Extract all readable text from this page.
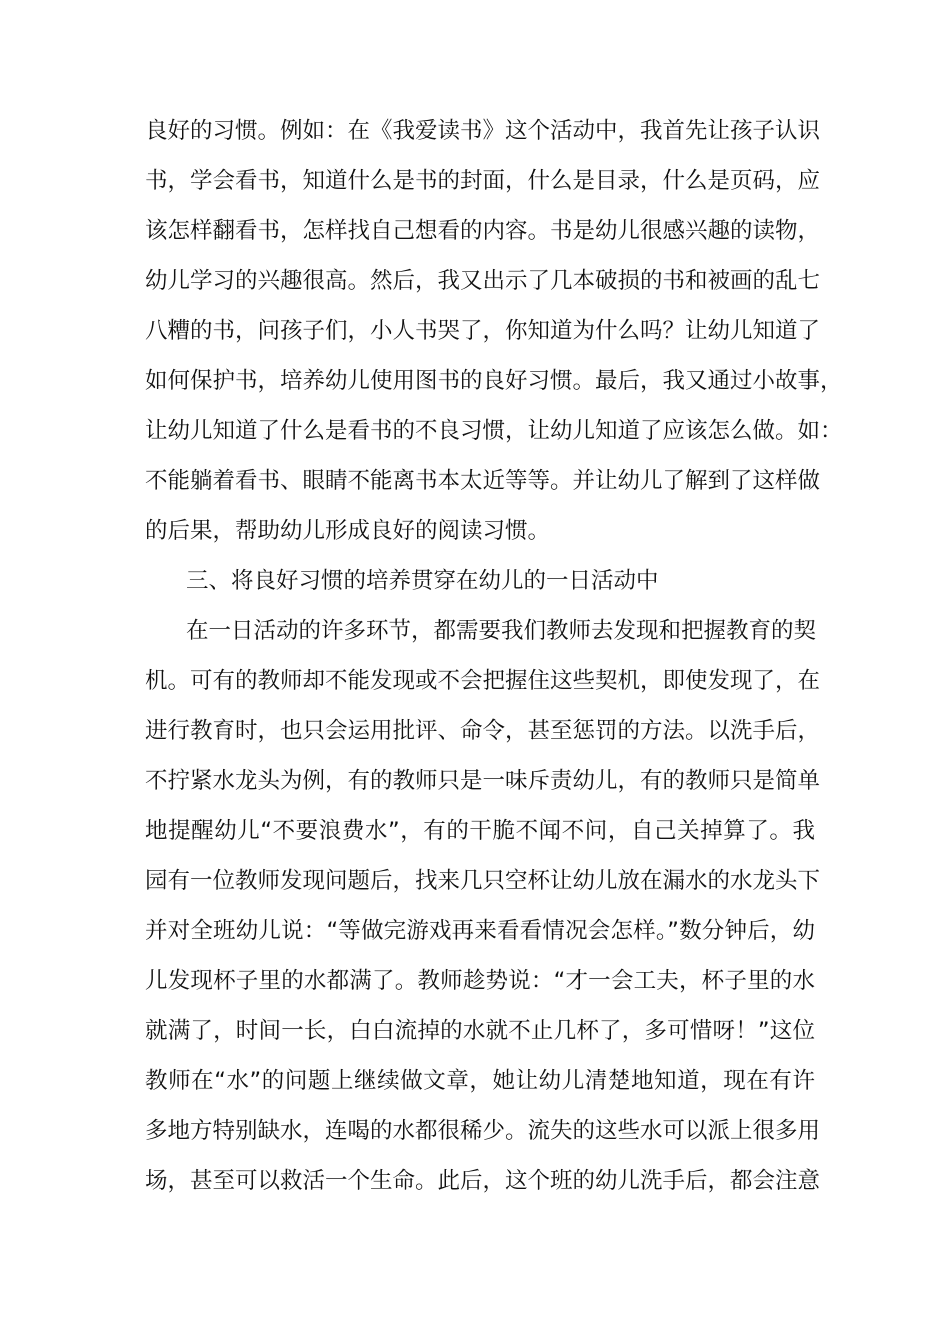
良好的习惯。例如：在《我爱读书》这个活动中，我首先让孩子认识
书，学会看书，知道什么是书的封面，什么是目录，什么是页码，应
该怎样翻看书，怎样找自己想看的内容。书是幼儿很感兴趣的读物，
幼儿学习的兴趣很高。然后，我又出示了几本破损的书和被画的乱七
八糟的书，问孩子们，小人书哭了，你知道为什么吗？让幼儿知道了
如何保护书，培养幼儿使用图书的良好习惯。最后，我又通过小故事，
让幼儿知道了什么是看书的不良习惯，让幼儿知道了应该怎么做。如：
不能躺着看书、眼睛不能离书本太近等等。并让幼儿了解到了这样做
的后果，帮助幼儿形成良好的阅读习惯。
三、将良好习惯的培养贯穿在幼儿的一日活动中
在一日活动的许多环节，都需要我们教师去发现和把握教育的契
机。可有的教师却不能发现或不会把握住这些契机，即使发现了，在
进行教育时，也只会运用批评、命令，甚至惩罚的方法。以洗手后，
不拧紧水龙头为例，有的教师只是一味斥责幼儿，有的教师只是简单
地提醒幼儿“不要浪费水”，有的干脆不闻不问，自己关掉算了。我
园有一位教师发现问题后，找来几只空杯让幼儿放在漏水的水龙头下
并对全班幼儿说：“等做完游戏再来看看情况会怎样。”数分钟后，幼
儿发现杯子里的水都满了。教师趁势说：“才一会工夫，杯子里的水
就满了，时间一长，白白流掉的水就不止几杯了，多可惜呀！”这位
教师在“水”的问题上继续做文章，她让幼儿清楚地知道，现在有许
多地方特别缺水，连喝的水都很稀少。流失的这些水可以派上很多用
场，甚至可以救活一个生命。此后，这个班的幼儿洗手后，都会注意
